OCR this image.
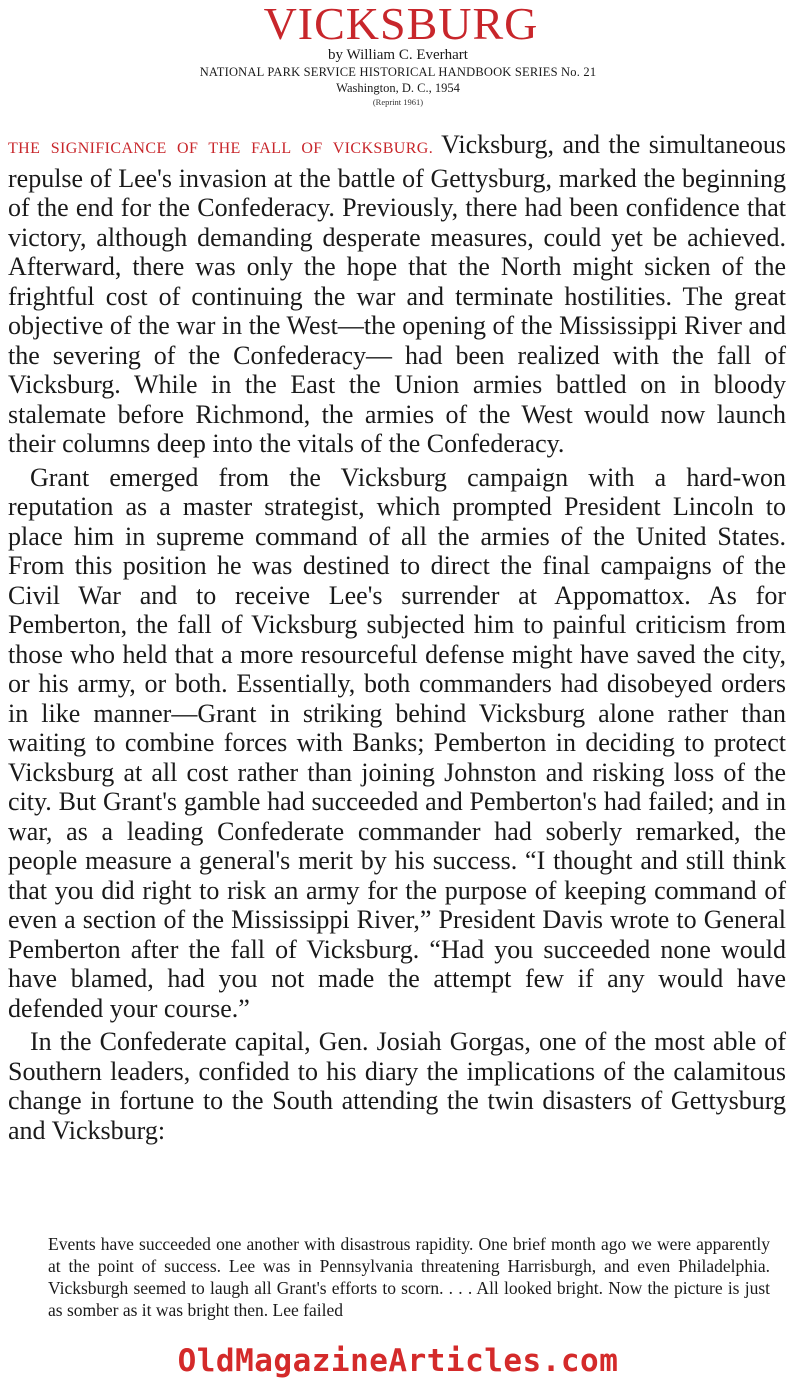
VICKSBURG
by William C. Everhart
NATIONAL PARK SERVICE HISTORICAL HANDBOOK SERIES No. 21
Washington, D. C., 1954
(Reprint 1961)

THE SIGNIFICANCE OF THE FALL OF VICKSBURG. Vicksburg, and the simultaneous repulse of Lee's invasion at the battle of Gettysburg, marked the beginning of the end for the Confederacy. Previously, there had been confidence that victory, although demanding desperate measures, could yet be achieved. Afterward, there was only the hope that the North might sicken of the frightful cost of continuing the war and terminate hostilities. The great objective of the war in the West—the opening of the Mississippi River and the severing of the Confederacy— had been realized with the fall of Vicksburg. While in the East the Union armies battled on in bloody stalemate before Richmond, the armies of the West would now launch their columns deep into the vitals of the Confederacy.

Grant emerged from the Vicksburg campaign with a hard-won reputation as a master strategist, which prompted President Lincoln to place him in supreme command of all the armies of the United States. From this position he was destined to direct the final campaigns of the Civil War and to receive Lee's surrender at Appomattox. As for Pemberton, the fall of Vicksburg subjected him to painful criticism from those who held that a more resourceful defense might have saved the city, or his army, or both. Essentially, both commanders had disobeyed orders in like manner—Grant in striking behind Vicksburg alone rather than waiting to combine forces with Banks; Pemberton in deciding to protect Vicksburg at all cost rather than joining Johnston and risking loss of the city. But Grant's gamble had succeeded and Pemberton's had failed; and in war, as a leading Confederate commander had soberly remarked, the people measure a general's merit by his success. “I thought and still think that you did right to risk an army for the purpose of keeping command of even a section of the Mississippi River,” President Davis wrote to General Pemberton after the fall of Vicksburg. “Had you succeeded none would have blamed, had you not made the attempt few if any would have defended your course.”

In the Confederate capital, Gen. Josiah Gorgas, one of the most able of Southern leaders, confided to his diary the implications of the calamitous change in fortune to the South attending the twin disasters of Gettysburg and Vicksburg:

Events have succeeded one another with disastrous rapidity. One brief month ago we were apparently at the point of success. Lee was in Pennsylvania threatening Harrisburgh, and even Philadelphia. Vicksburgh seemed to laugh all Grant's efforts to scorn. . . . All looked bright. Now the picture is just as somber as it was bright then. Lee failed
OldMagazineArticles.com
